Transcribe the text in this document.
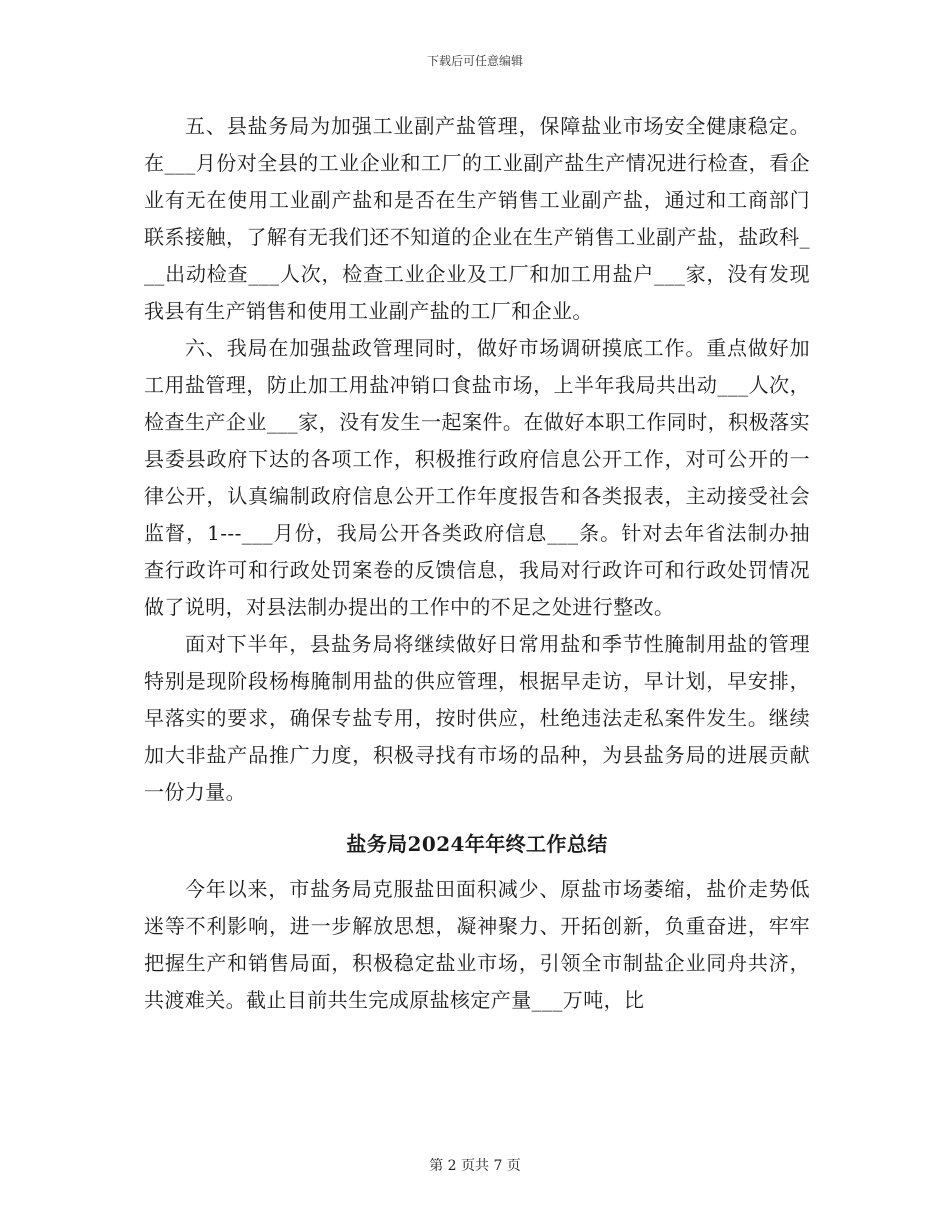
下载后可任意编辑

五、县盐务局为加强工业副产盐管理，保障盐业市场安全健康稳定。在___月份对全县的工业企业和工厂的工业副产盐生产情况进行检查，看企业有无在使用工业副产盐和是否在生产销售工业副产盐，通过和工商部门联系接触，了解有无我们还不知道的企业在生产销售工业副产盐，盐政科___出动检查___人次，检查工业企业及工厂和加工用盐户___家，没有发现我县有生产销售和使用工业副产盐的工厂和企业。

六、我局在加强盐政管理同时，做好市场调研摸底工作。重点做好加工用盐管理，防止加工用盐冲销口食盐市场，上半年我局共出动___人次，检查生产企业___家，没有发生一起案件。在做好本职工作同时，积极落实县委县政府下达的各项工作，积极推行政府信息公开工作，对可公开的一律公开，认真编制政府信息公开工作年度报告和各类报表，主动接受社会监督，1---___月份，我局公开各类政府信息___条。针对去年省法制办抽查行政许可和行政处罚案卷的反馈信息，我局对行政许可和行政处罚情况做了说明，对县法制办提出的工作中的不足之处进行整改。

面对下半年，县盐务局将继续做好日常用盐和季节性腌制用盐的管理特别是现阶段杨梅腌制用盐的供应管理，根据早走访，早计划，早安排，早落实的要求，确保专盐专用，按时供应，杜绝违法走私案件发生。继续加大非盐产品推广力度，积极寻找有市场的品种，为县盐务局的进展贡献一份力量。

盐务局2024年年终工作总结

今年以来，市盐务局克服盐田面积减少、原盐市场萎缩，盐价走势低迷等不利影响，进一步解放思想，凝神聚力、开拓创新，负重奋进，牢牢把握生产和销售局面，积极稳定盐业市场，引领全市制盐企业同舟共济，共渡难关。截止目前共生完成原盐核定产量___万吨，比

第 2 页共 7 页
